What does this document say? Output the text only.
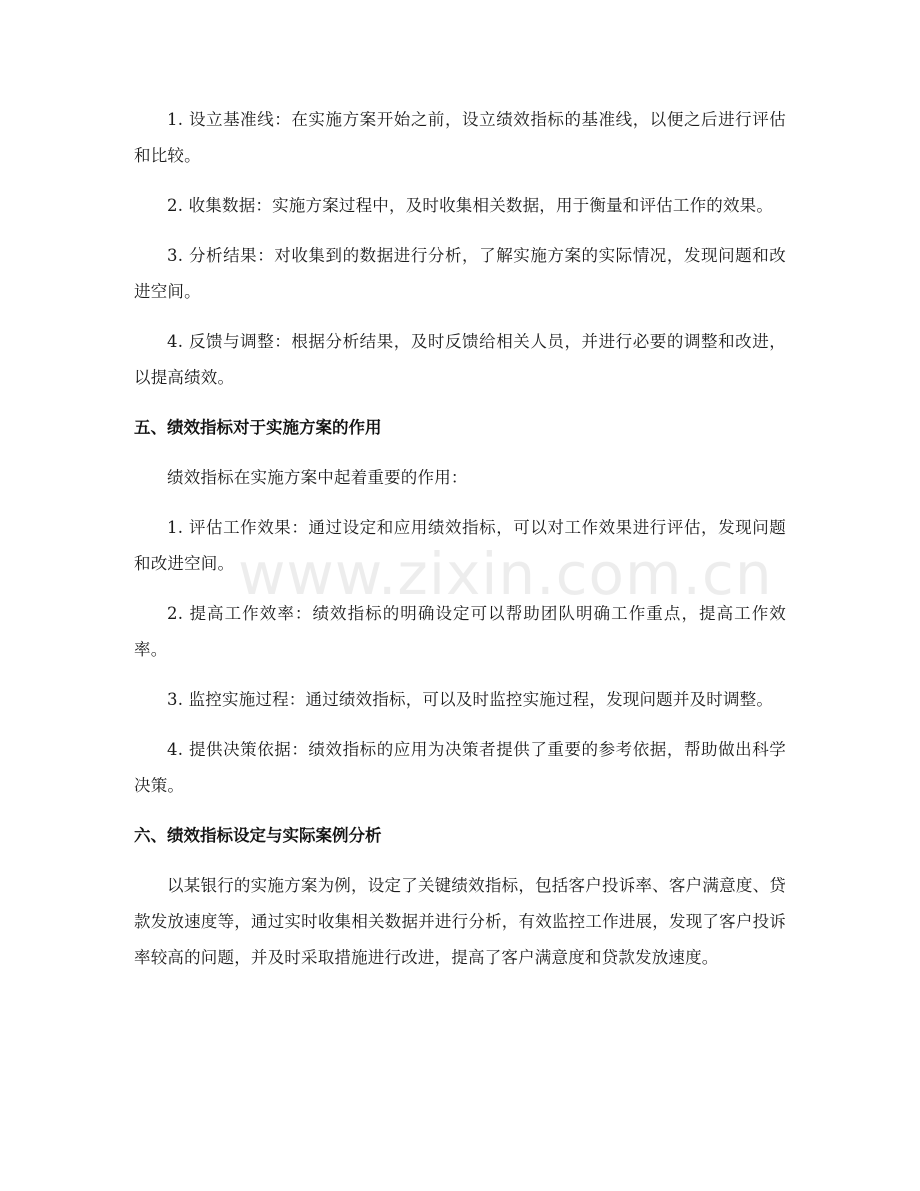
1. 设立基准线：在实施方案开始之前，设立绩效指标的基准线，以便之后进行评估和比较。

2. 收集数据：实施方案过程中，及时收集相关数据，用于衡量和评估工作的效果。

3. 分析结果：对收集到的数据进行分析，了解实施方案的实际情况，发现问题和改进空间。

4. 反馈与调整：根据分析结果，及时反馈给相关人员，并进行必要的调整和改进，以提高绩效。

五、绩效指标对于实施方案的作用

绩效指标在实施方案中起着重要的作用：

1. 评估工作效果：通过设定和应用绩效指标，可以对工作效果进行评估，发现问题和改进空间。

2. 提高工作效率：绩效指标的明确设定可以帮助团队明确工作重点，提高工作效率。

3. 监控实施过程：通过绩效指标，可以及时监控实施过程，发现问题并及时调整。

4. 提供决策依据：绩效指标的应用为决策者提供了重要的参考依据，帮助做出科学决策。

六、绩效指标设定与实际案例分析

以某银行的实施方案为例，设定了关键绩效指标，包括客户投诉率、客户满意度、贷款发放速度等，通过实时收集相关数据并进行分析，有效监控工作进展，发现了客户投诉率较高的问题，并及时采取措施进行改进，提高了客户满意度和贷款发放速度。

www.zixin.com.cn
